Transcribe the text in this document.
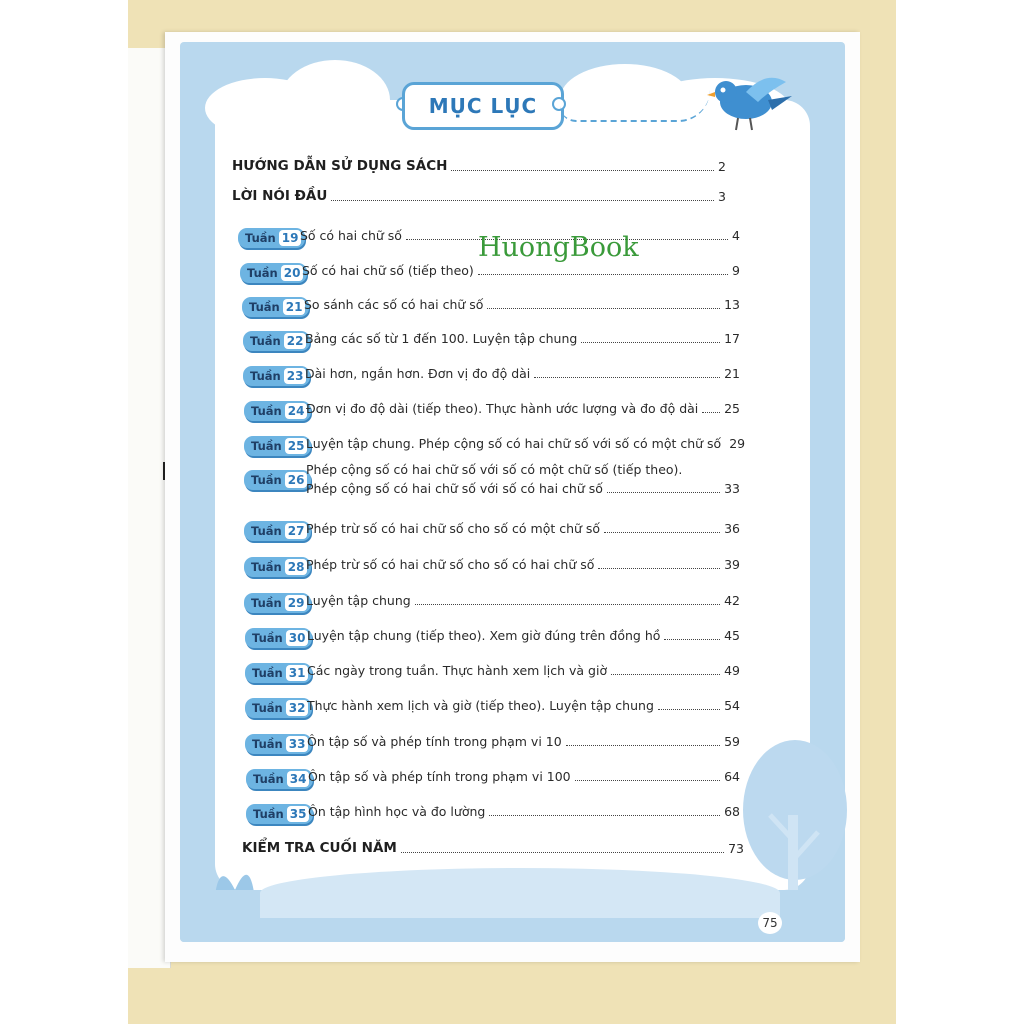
MỤC LỤC
HƯỚNG DẪN SỬ DỤNG SÁCH	2
LỜI NÓI ĐẦU	3
Tuần 19 Số có hai chữ số	4
Tuần 20 Số có hai chữ số (tiếp theo)	9
Tuần 21 So sánh các số có hai chữ số	13
Tuần 22 Bảng các số từ 1 đến 100. Luyện tập chung	17
Tuần 23 Dài hơn, ngắn hơn. Đơn vị đo độ dài	21
Tuần 24 Đơn vị đo độ dài (tiếp theo). Thực hành ước lượng và đo độ dài 25
Tuần 25 Luyện tập chung. Phép cộng số có hai chữ số với số có một chữ số 29
Tuần 26
Phép cộng số có hai chữ số với số có một chữ số (tiếp theo).
Phép cộng số có hai chữ số với số có hai chữ số	33
Tuần 27 Phép trừ số có hai chữ số cho số có một chữ số	36
Tuần 28 Phép trừ số có hai chữ số cho số có hai chữ số	39
Tuần 29 Luyện tập chung	42
Tuần 30 Luyện tập chung (tiếp theo). Xem giờ đúng trên đồng hồ	45
Tuần 31 Các ngày trong tuần. Thực hành xem lịch và giờ	49
Tuần 32 Thực hành xem lịch và giờ (tiếp theo). Luyện tập chung	54
Tuần 33 Ôn tập số và phép tính trong phạm vi 10	59
Tuần 34 Ôn tập số và phép tính trong phạm vi 100	64
Tuần 35 Ôn tập hình học và đo lường	68
KIỂM TRA CUỐI NĂM	73
HuongBook
75
